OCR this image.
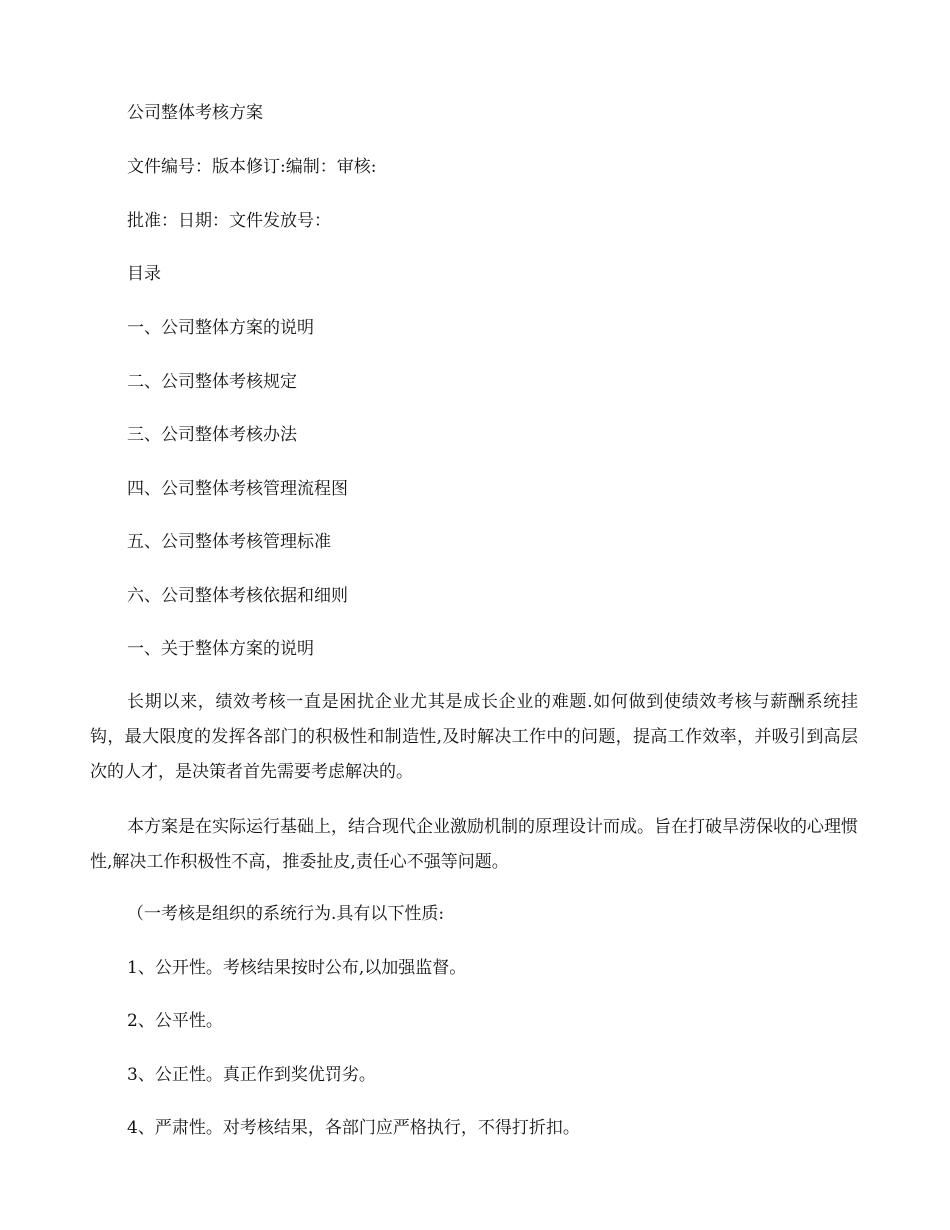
公司整体考核方案
文件编号：版本修订:编制：审核:
批准：日期：文件发放号：
目录
一、公司整体方案的说明
二、公司整体考核规定
三、公司整体考核办法
四、公司整体考核管理流程图
五、公司整体考核管理标准
六、公司整体考核依据和细则
一、关于整体方案的说明
长期以来，绩效考核一直是困扰企业尤其是成长企业的难题.如何做到使绩效考核与薪酬系统挂钩，最大限度的发挥各部门的积极性和制造性,及时解决工作中的问题，提高工作效率，并吸引到高层次的人才，是决策者首先需要考虑解决的。
本方案是在实际运行基础上，结合现代企业激励机制的原理设计而成。旨在打破旱涝保收的心理惯性,解决工作积极性不高，推委扯皮,责任心不强等问题。
（一考核是组织的系统行为.具有以下性质:
1、公开性。考核结果按时公布,以加强监督。
2、公平性。
3、公正性。真正作到奖优罚劣。
4、严肃性。对考核结果，各部门应严格执行，不得打折扣。
